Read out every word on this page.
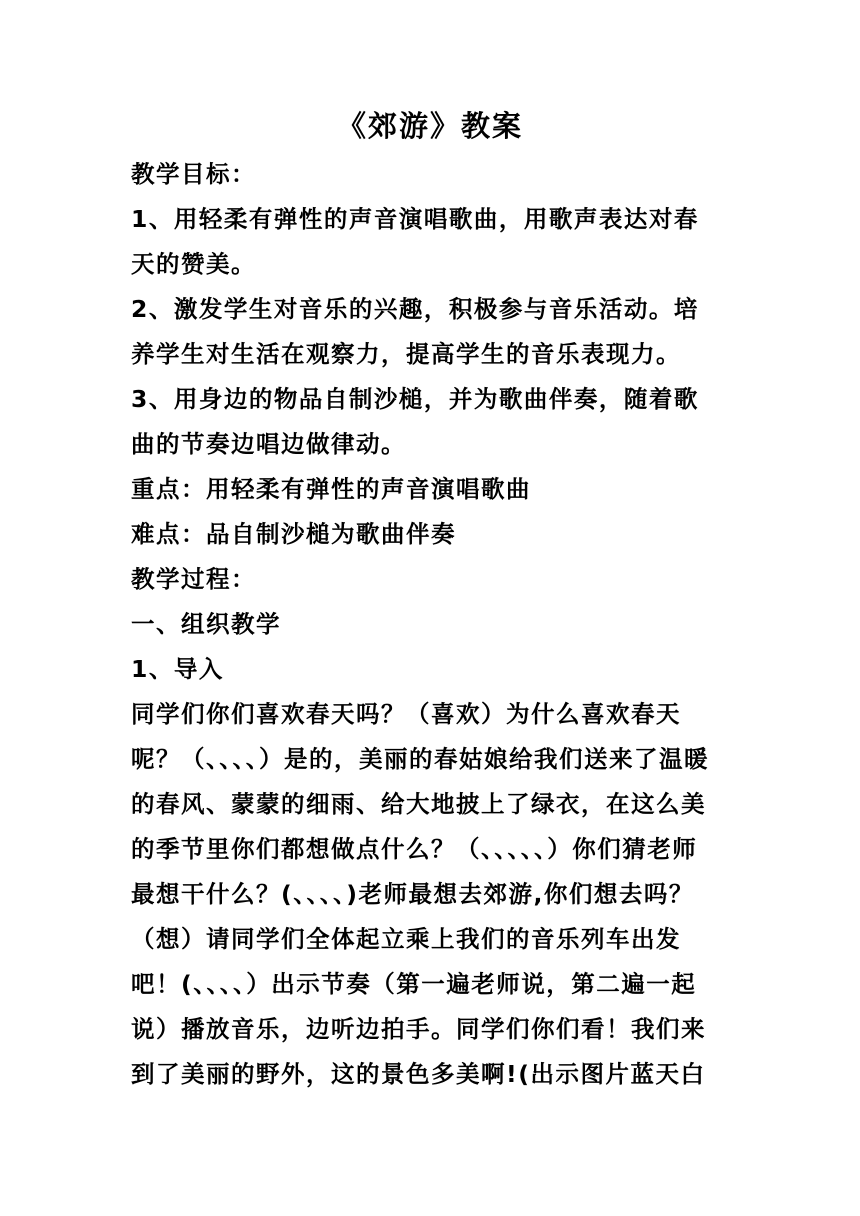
《郊游》教案
教学目标：
1、用轻柔有弹性的声音演唱歌曲，用歌声表达对春
天的赞美。
2、激发学生对音乐的兴趣，积极参与音乐活动。培
养学生对生活在观察力，提高学生的音乐表现力。
3、用身边的物品自制沙槌，并为歌曲伴奏，随着歌
曲的节奏边唱边做律动。
重点：用轻柔有弹性的声音演唱歌曲
难点：品自制沙槌为歌曲伴奏
教学过程：
一、组织教学
1、导入
同学们你们喜欢春天吗？（喜欢）为什么喜欢春天
呢？（、、、、）是的，美丽的春姑娘给我们送来了温暖
的春风、蒙蒙的细雨、给大地披上了绿衣，在这么美
的季节里你们都想做点什么？（、、、、、）你们猜老师
最想干什么？(、、、、)老师最想去郊游,你们想去吗？
（想）请同学们全体起立乘上我们的音乐列车出发
吧！(、、、、）出示节奏（第一遍老师说，第二遍一起
说）播放音乐，边听边拍手。同学们你们看！我们来
到了美丽的野外，这的景色多美啊!(出示图片蓝天白
